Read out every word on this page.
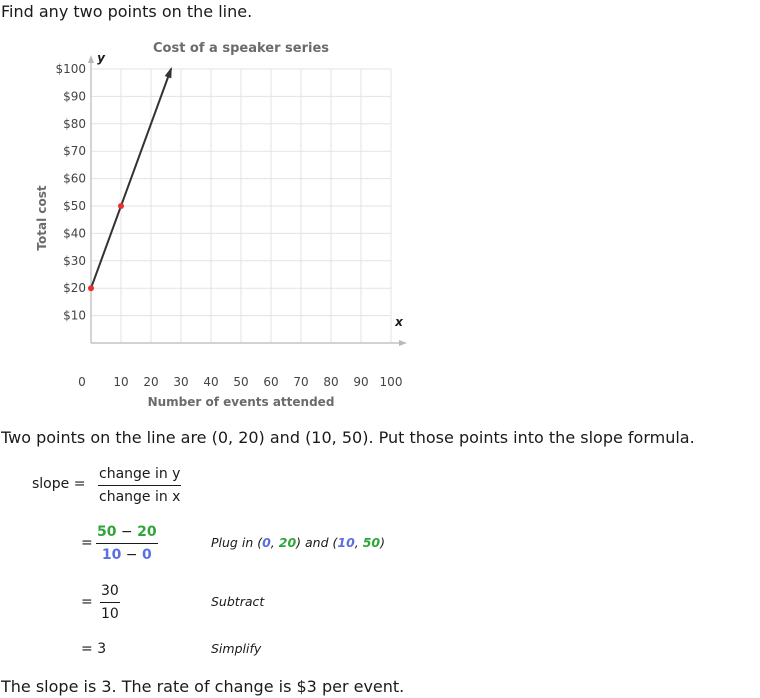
Find any two points on the line.
x
y
10 20 30 40 50 60 70 80 90 100
0
$10
$20
$30
$40
$50
$60
$70
$80
$90
$100
Cost of a speaker series
Number of events attended
Total cost
Two points on the line are (0, 20) and (10, 50). Put those points into the slope formula.
slope =
change in y
change in x
=
50 − 20
10 − 0
Plug in (0, 20) and (10, 50)
=
30
10
Subtract
= 3	Simplify
The slope is 3. The rate of change is $3 per event.
